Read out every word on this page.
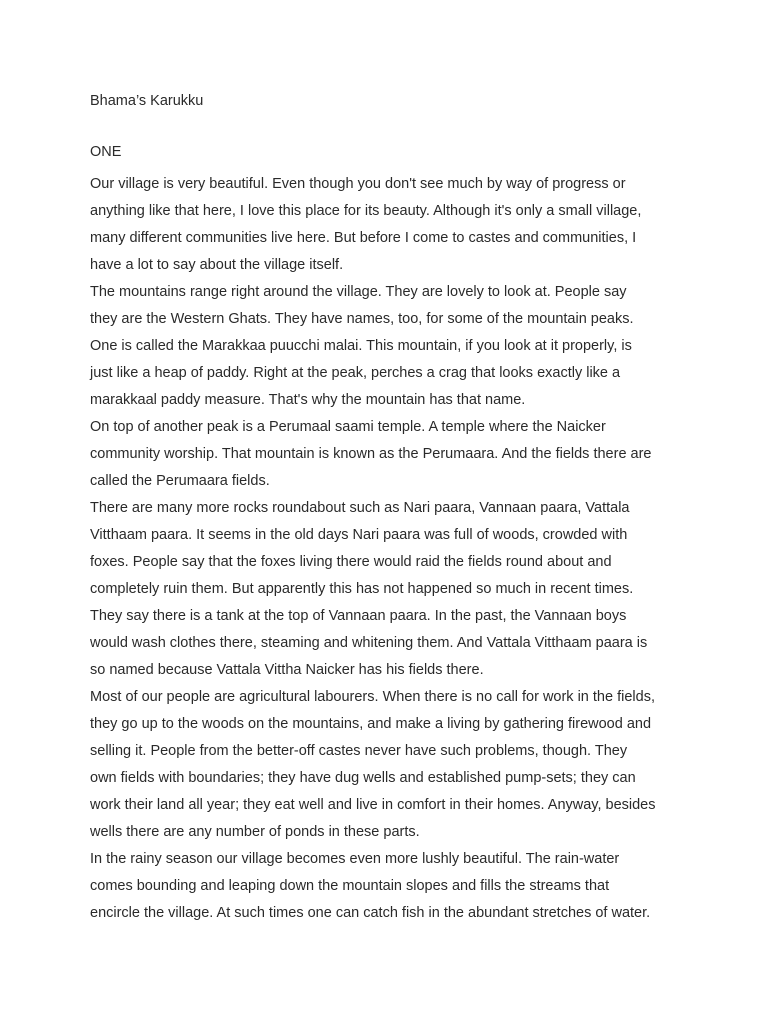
Bhama’s Karukku
ONE
Our village is very beautiful. Even though you don't see much by way of progress or
anything like that here, I love this place for its beauty. Although it's only a small village,
many different communities live here. But before I come to castes and communities, I
have a lot to say about the village itself.
The mountains range right around the village. They are lovely to look at. People say
they are the Western Ghats. They have names, too, for some of the mountain peaks.
One is called the Marakkaa puucchi malai. This mountain, if you look at it properly, is
just like a heap of paddy. Right at the peak, perches a crag that looks exactly like a
marakkaal paddy measure. That's why the mountain has that name.
On top of another peak is a Perumaal saami temple. A temple where the Naicker
community worship. That mountain is known as the Perumaara. And the fields there are
called the Perumaara fields.
There are many more rocks roundabout such as Nari paara, Vannaan paara, Vattala
Vitthaam paara. It seems in the old days Nari paara was full of woods, crowded with
foxes. People say that the foxes living there would raid the fields round about and
completely ruin them. But apparently this has not happened so much in recent times.
They say there is a tank at the top of Vannaan paara. In the past, the Vannaan boys
would wash clothes there, steaming and whitening them. And Vattala Vitthaam paara is
so named because Vattala Vittha Naicker has his fields there.
Most of our people are agricultural labourers. When there is no call for work in the fields,
they go up to the woods on the mountains, and make a living by gathering firewood and
selling it. People from the better-off castes never have such problems, though. They
own fields with boundaries; they have dug wells and established pump-sets; they can
work their land all year; they eat well and live in comfort in their homes. Anyway, besides
wells there are any number of ponds in these parts.
In the rainy season our village becomes even more lushly beautiful. The rain-water
comes bounding and leaping down the mountain slopes and fills the streams that
encircle the village. At such times one can catch fish in the abundant stretches of water.
